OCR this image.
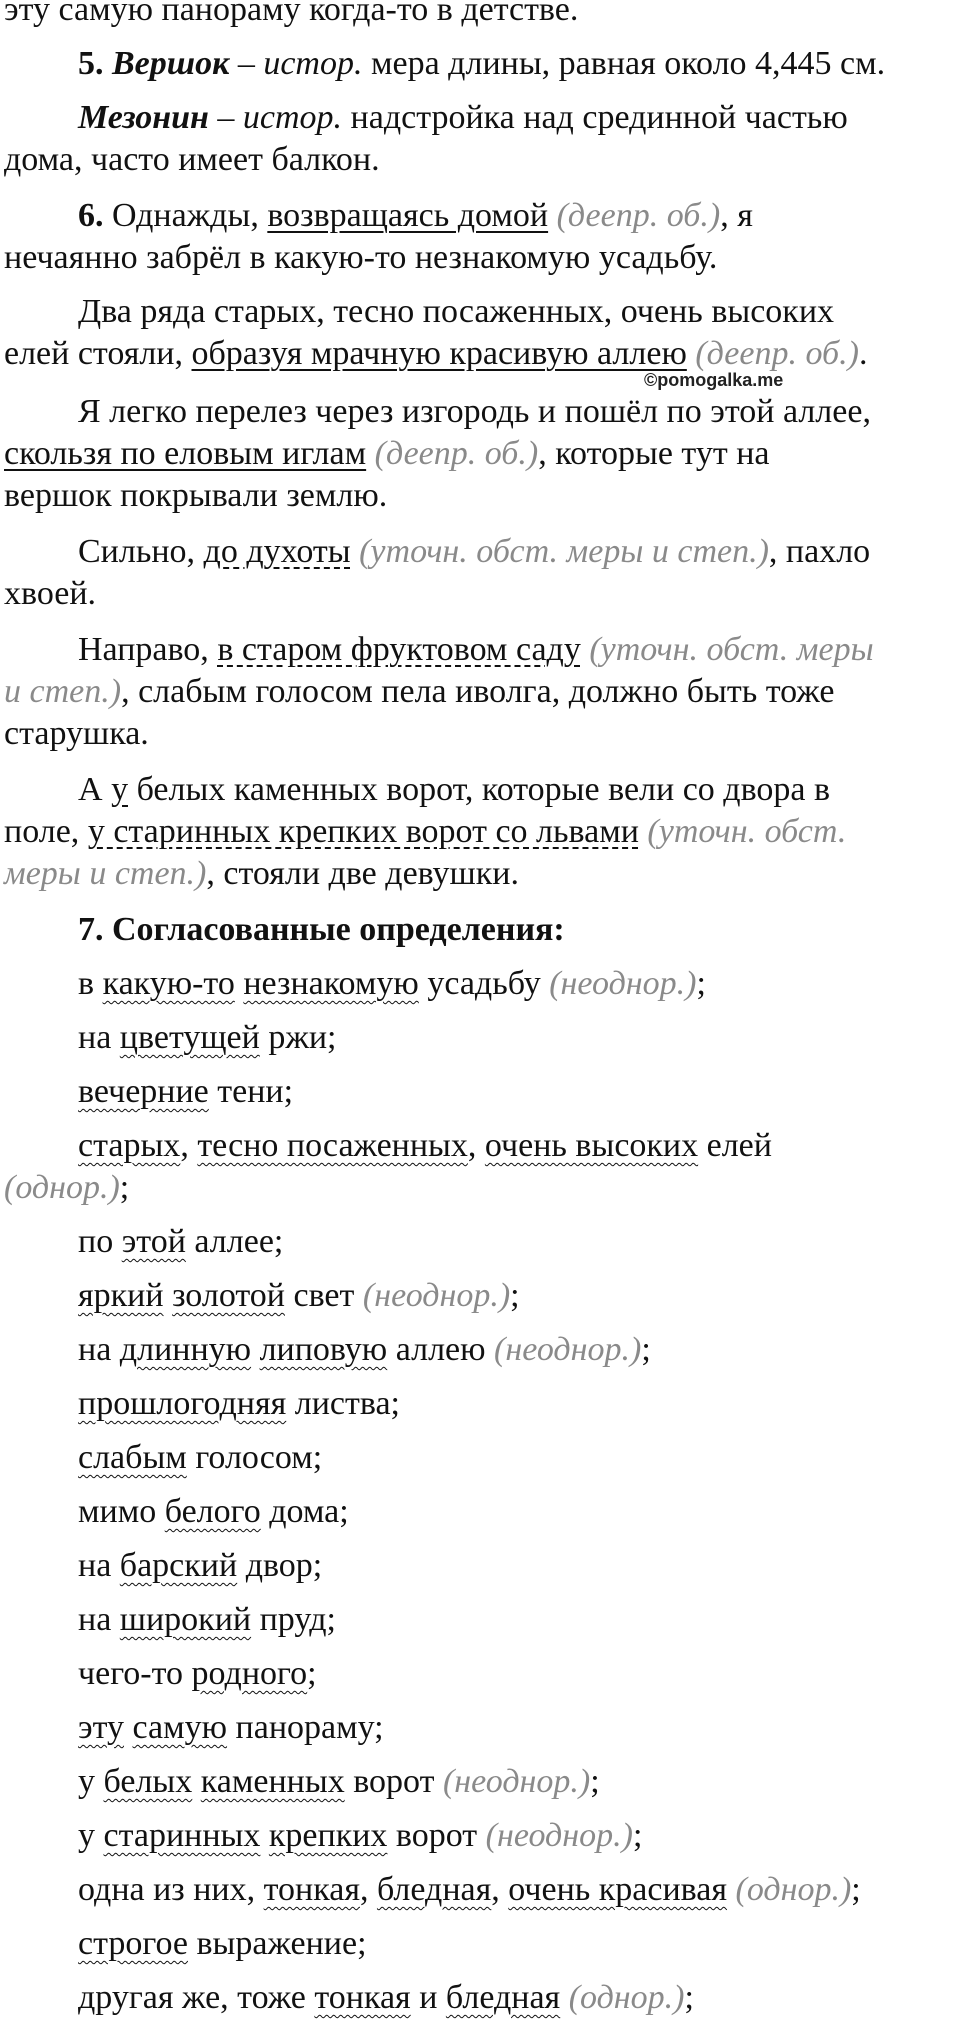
©pomogalka.me
эту самую панораму когда-то в детстве.
5. Вершок – истор. мера длины, равная около 4,445 см.
Мезонин – истор. надстройка над срединной частью
дома, часто имеет балкон.
6. Однажды, возвращаясь домой (деепр. об.), я
нечаянно забрёл в какую-то незнакомую усадьбу.
Два ряда старых, тесно посаженных, очень высоких
елей стояли, образуя мрачную красивую аллею (деепр. об.).
Я легко перелез через изгородь и пошёл по этой аллее,
скользя по еловым иглам (деепр. об.), которые тут на
вершок покрывали землю.
Сильно, до духоты (уточн. обст. меры и степ.), пахло
хвоей.
Направо, в старом фруктовом саду (уточн. обст. меры
и степ.), слабым голосом пела иволга, должно быть тоже
старушка.
А у белых каменных ворот, которые вели со двора в
поле, у старинных крепких ворот со львами (уточн. обст.
меры и степ.), стояли две девушки.
7. Согласованные определения:
в какую-то незнакомую усадьбу (неоднор.);
на цветущей ржи;
вечерние тени;
старых, тесно посаженных, очень высоких елей
(однор.);
по этой аллее;
яркий золотой свет (неоднор.);
на длинную липовую аллею (неоднор.);
прошлогодняя листва;
слабым голосом;
мимо белого дома;
на барский двор;
на широкий пруд;
чего-то родного;
эту самую панораму;
у белых каменных ворот (неоднор.);
у старинных крепких ворот (неоднор.);
одна из них, тонкая, бледная, очень красивая (однор.);
строгое выражение;
другая же, тоже тонкая и бледная (однор.);
